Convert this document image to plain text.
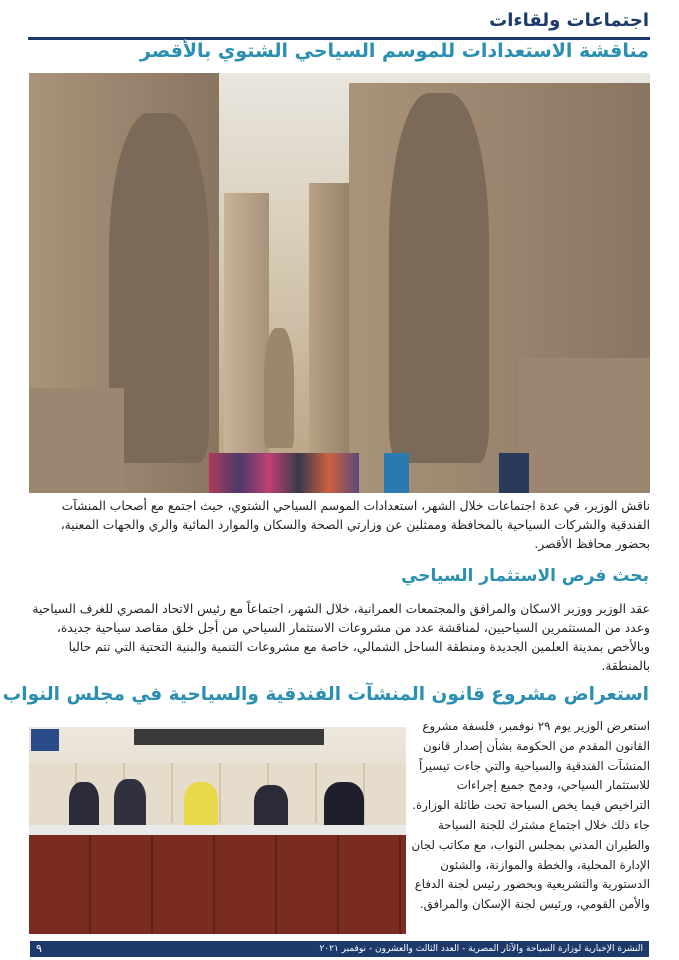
اجتماعات ولقاءات
مناقشة الاستعدادات للموسم السياحي الشتوي بالأقصر
ناقش الوزير، في عدة اجتماعات خلال الشهر، استعدادات الموسم السياحي الشتوي، حيث اجتمع مع أصحاب المنشآت الفندقية والشركات السياحية بالمحافظة وممثلين عن وزارتي الصحة والسكان والموارد المائية والري والجهات المعنية، بحضور محافظ الأقصر.
بحث فرص الاستثمار السياحي
عقد الوزير ووزير الاسكان والمرافق والمجتمعات العمرانية، خلال الشهر، اجتماعاً مع رئيس الاتحاد المصري للغرف السياحية وعدد من المستثمرين السياحيين، لمناقشة عدد من مشروعات الاستثمار السياحي من أجل خلق مقاصد سياحية جديدة، وبالأخص بمدينة العلمين الجديدة ومنطقة الساحل الشمالي، خاصة مع مشروعات التنمية والبنية التحتية التي تتم حاليا بالمنطقة.
استعراض مشروع قانون المنشآت الفندقية والسياحية في مجلس النواب
استعرض الوزير يوم ٢٩ نوفمبر، فلسفة مشروع القانون المقدم من الحكومة بشأن إصدار قانون المنشآت الفندقية والسياحية والتي جاءت تيسيراً للاستثمار السياحي، ودمج جميع إجراءات التراخيص فيما يخص السياحة تحت طائلة الوزارة. جاء ذلك خلال اجتماع مشترك للجنة السياحة والطيران المدني بمجلس النواب، مع مكاتب لجان الإدارة المحلية، والخطة والموازنة، والشئون الدستورية والتشريعية وبحضور رئيس لجنة الدفاع والأمن القومي، ورئيس لجنة الإسكان والمرافق.
النشرة الإخبارية لوزارة السياحة والآثار المصرية - العدد الثالث والعشرون - نوفمبر ٢٠٢١
٩
